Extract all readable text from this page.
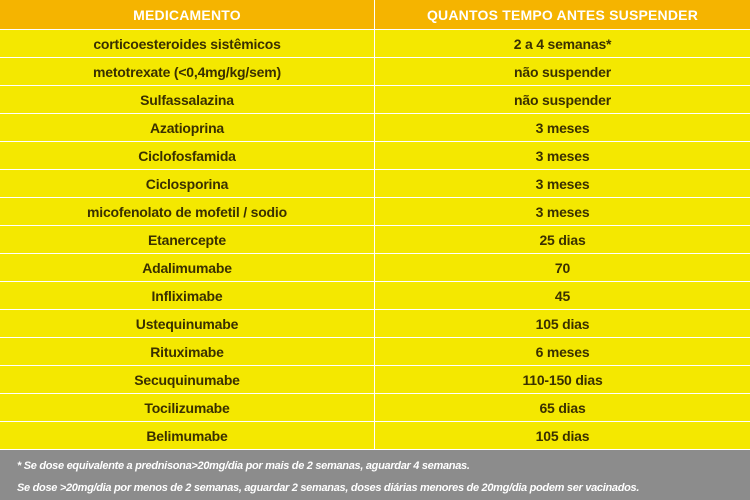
MEDICAMENTO	QUANTOS TEMPO ANTES SUSPENDER
corticoesteroides sistêmicos	2 a 4 semanas*
metotrexate (<0,4mg/kg/sem)	não suspender
Sulfassalazina	não suspender
Azatioprina	3 meses
Ciclofosfamida	3 meses
Ciclosporina	3 meses
micofenolato de mofetil / sodio	3 meses
Etanercepte	25 dias
Adalimumabe	70
Infliximabe	45
Ustequinumabe	105 dias
Rituximabe	6 meses
Secuquinumabe	110-150 dias
Tocilizumabe	65 dias
Belimumabe	105 dias
* Se dose equivalente a prednisona>20mg/dia por mais de 2 semanas, aguardar 4 semanas.
Se dose >20mg/dia por menos de 2 semanas, aguardar 2 semanas, doses diárias menores de 20mg/dia podem ser vacinados.
